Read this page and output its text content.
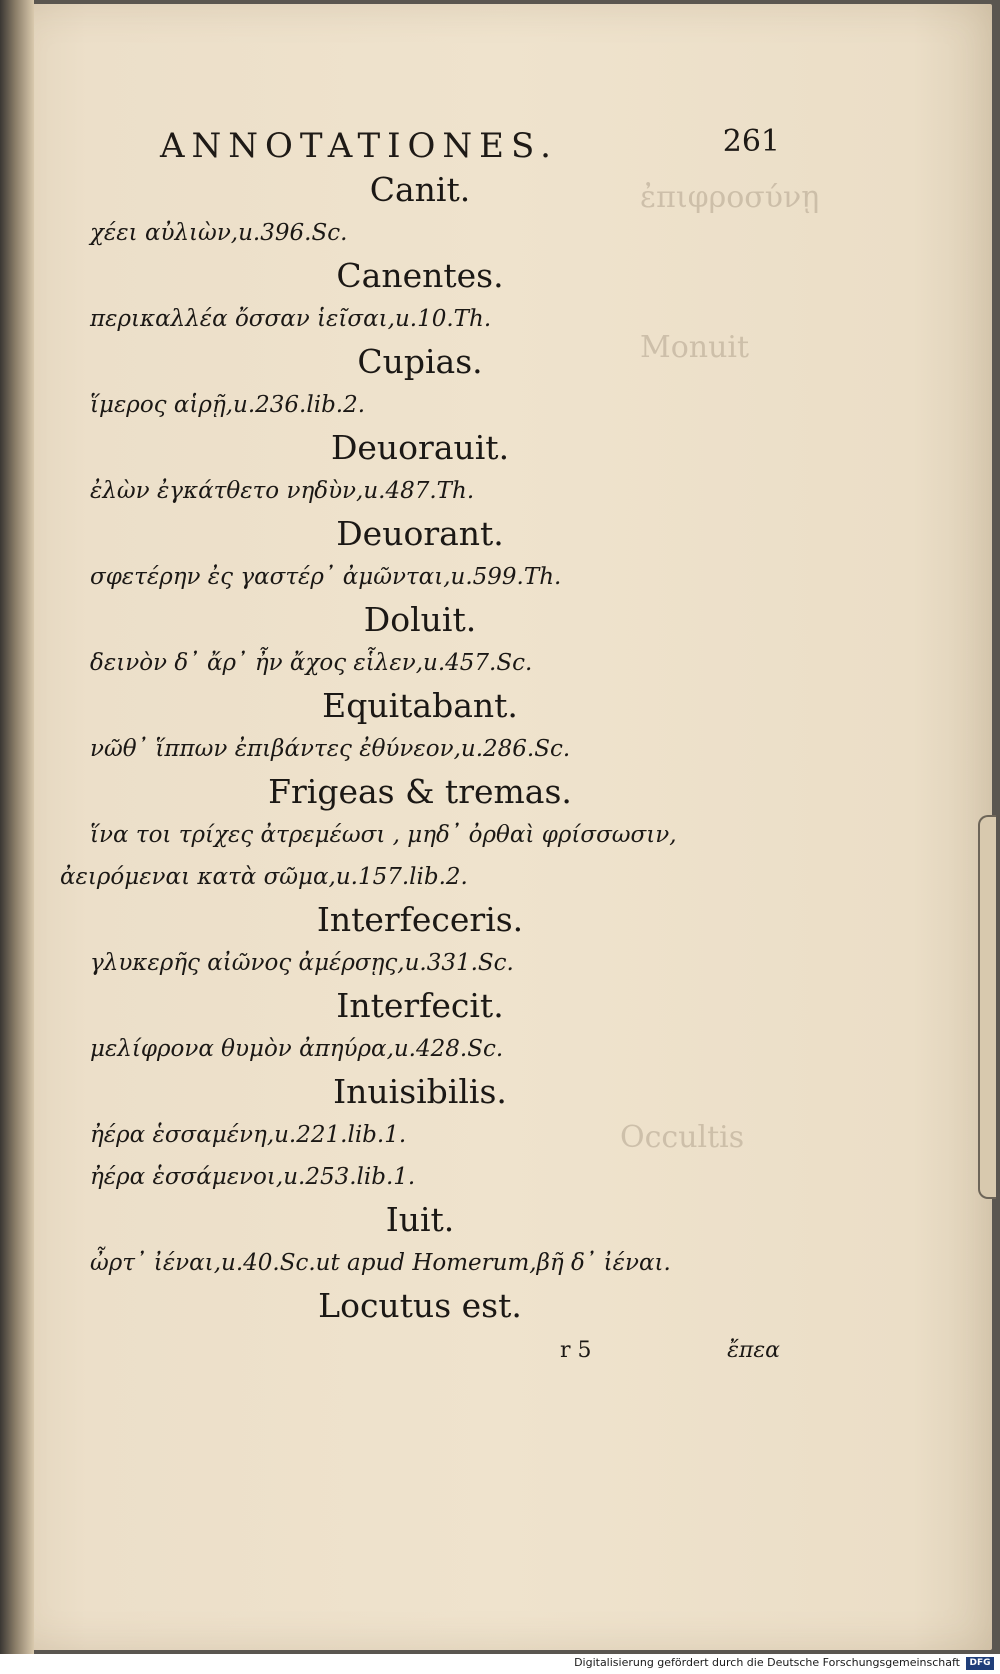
ἐπιφροσύνῃ
Monuit
Occultis
ANNOTATIONES.	261
Canit.
χέει αὐλιὼν,u.396.Sc.
Canentes.
περικαλλέα ὄσσαν ἱεῖσαι,u.10.Th.
Cupias.
ἵμερος αἱρῇ,u.236.lib.2.
Deuorauit.
ἐλὼν ἐγκάτθετο νηδὺν,u.487.Th.
Deuorant.
σφετέρην ἐς γαστέρ᾽ ἀμῶνται,u.599.Th.
Doluit.
δεινὸν δ᾽ ἄρ᾽ ἦν ἄχος εἷλεν,u.457.Sc.
Equitabant.
νῶθ᾽ ἵππων ἐπιβάντες ἐθύνεον,u.286.Sc.
Frigeas & tremas.
ἵνα τοι τρίχες ἀτρεμέωσι , μηδ᾽ ὀρθαὶ φρίσσωσιν,
ἀειρόμεναι κατὰ σῶμα,u.157.lib.2.
Interfeceris.
γλυκερῆς αἰῶνος ἀμέρσῃς,u.331.Sc.
Interfecit.
μελίφρονα θυμὸν ἀπηύρα,u.428.Sc.
Inuisibilis.
ἠέρα ἑσσαμένη,u.221.lib.1.
ἠέρα ἑσσάμενοι,u.253.lib.1.
Iuit.
ὦρτ᾽ ἰέναι,u.40.Sc.ut apud Homerum,βῆ δ᾽ ἰέναι.
Locutus est.
r 5	ἔπεα
Digitalisierung gefördert durch die Deutsche Forschungsgemeinschaft	DFG
